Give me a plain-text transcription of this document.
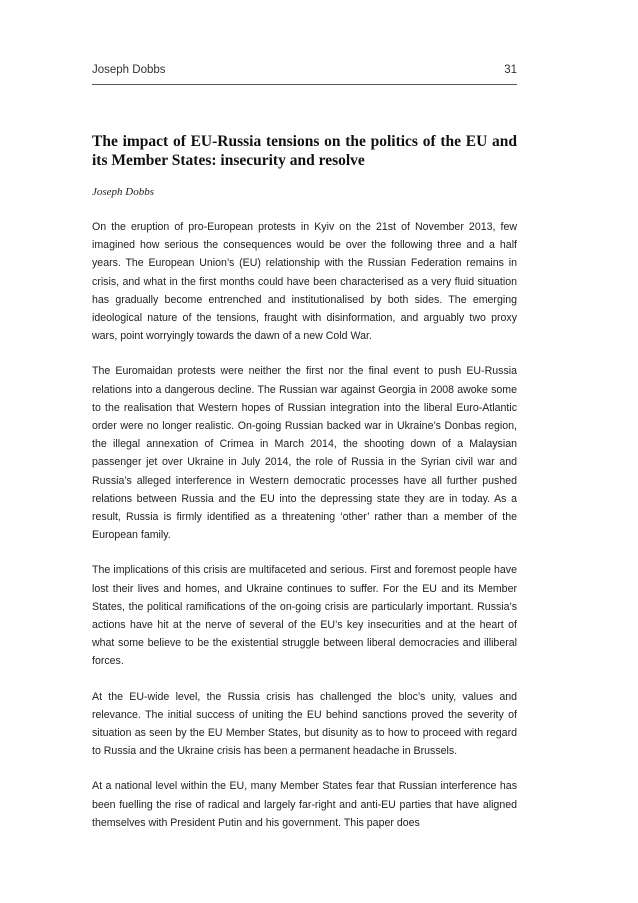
Joseph Dobbs	31
The impact of EU-Russia tensions on the politics of the EU and its Member States: insecurity and resolve
Joseph Dobbs

On the eruption of pro-European protests in Kyiv on the 21st of November 2013, few imagined how serious the consequences would be over the following three and a half years. The European Union’s (EU) relationship with the Russian Federation remains in crisis, and what in the first months could have been characterised as a very fluid situation has gradually become entrenched and institutionalised by both sides. The emerging ideological nature of the tensions, fraught with disinformation, and arguably two proxy wars, point worryingly towards the dawn of a new Cold War.

The Euromaidan protests were neither the first nor the final event to push EU-Russia relations into a dangerous decline. The Russian war against Georgia in 2008 awoke some to the realisation that Western hopes of Russian integration into the liberal Euro-Atlantic order were no longer realistic. On-going Russian backed war in Ukraine’s Donbas region, the illegal annexation of Crimea in March 2014, the shooting down of a Malaysian passenger jet over Ukraine in July 2014, the role of Russia in the Syrian civil war and Russia’s alleged interference in Western democratic processes have all further pushed relations between Russia and the EU into the depressing state they are in today. As a result, Russia is firmly identified as a threatening ‘other’ rather than a member of the European family.

The implications of this crisis are multifaceted and serious. First and foremost people have lost their lives and homes, and Ukraine continues to suffer. For the EU and its Member States, the political ramifications of the on-going crisis are particularly important. Russia’s actions have hit at the nerve of several of the EU’s key insecurities and at the heart of what some believe to be the existential struggle between liberal democracies and illiberal forces.

At the EU-wide level, the Russia crisis has challenged the bloc’s unity, values and relevance. The initial success of uniting the EU behind sanctions proved the severity of situation as seen by the EU Member States, but disunity as to how to proceed with regard to Russia and the Ukraine crisis has been a permanent headache in Brussels.

At a national level within the EU, many Member States fear that Russian interference has been fuelling the rise of radical and largely far-right and anti-EU parties that have aligned themselves with President Putin and his government. This paper does
